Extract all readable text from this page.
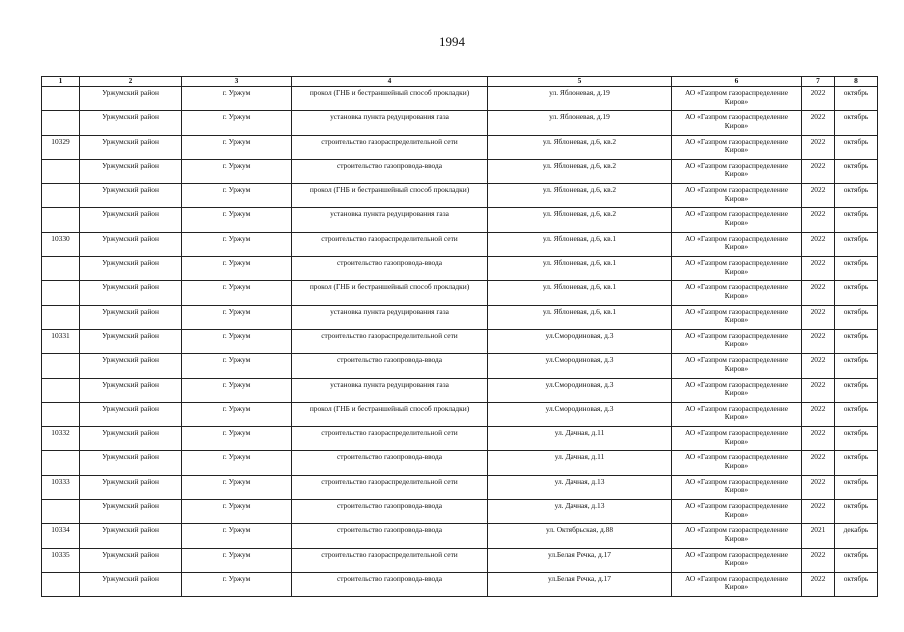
1994
1	2	3	4	5	6	7	8
	Уржумский район	г. Уржум	прокол (ГНБ и бестраншейный способ прокладки)	ул. Яблоневая, д.19	АО «Газпром газораспределение Киров»	2022	октябрь
	Уржумский район	г. Уржум	установка пункта редуцирования газа	ул. Яблоневая, д.19	АО «Газпром газораспределение Киров»	2022	октябрь
10329	Уржумский район	г. Уржум	строительство газораспределительной сети	ул. Яблоневая, д.6, кв.2	АО «Газпром газораспределение Киров»	2022	октябрь
	Уржумский район	г. Уржум	строительство газопровода-ввода	ул. Яблоневая, д.6, кв.2	АО «Газпром газораспределение Киров»	2022	октябрь
	Уржумский район	г. Уржум	прокол (ГНБ и бестраншейный способ прокладки)	ул. Яблоневая, д.6, кв.2	АО «Газпром газораспределение Киров»	2022	октябрь
	Уржумский район	г. Уржум	установка пункта редуцирования газа	ул. Яблоневая, д.6, кв.2	АО «Газпром газораспределение Киров»	2022	октябрь
10330	Уржумский район	г. Уржум	строительство газораспределительной сети	ул. Яблоневая, д.6, кв.1	АО «Газпром газораспределение Киров»	2022	октябрь
	Уржумский район	г. Уржум	строительство газопровода-ввода	ул. Яблоневая, д.6, кв.1	АО «Газпром газораспределение Киров»	2022	октябрь
	Уржумский район	г. Уржум	прокол (ГНБ и бестраншейный способ прокладки)	ул. Яблоневая, д.6, кв.1	АО «Газпром газораспределение Киров»	2022	октябрь
	Уржумский район	г. Уржум	установка пункта редуцирования газа	ул. Яблоневая, д.6, кв.1	АО «Газпром газораспределение Киров»	2022	октябрь
10331	Уржумский район	г. Уржум	строительство газораспределительной сети	ул.Смородиновая, д.3	АО «Газпром газораспределение Киров»	2022	октябрь
	Уржумский район	г. Уржум	строительство газопровода-ввода	ул.Смородиновая, д.3	АО «Газпром газораспределение Киров»	2022	октябрь
	Уржумский район	г. Уржум	установка пункта редуцирования газа	ул.Смородиновая, д.3	АО «Газпром газораспределение Киров»	2022	октябрь
	Уржумский район	г. Уржум	прокол (ГНБ и бестраншейный способ прокладки)	ул.Смородиновая, д.3	АО «Газпром газораспределение Киров»	2022	октябрь
10332	Уржумский район	г. Уржум	строительство газораспределительной сети	ул. Дачная, д.11	АО «Газпром газораспределение Киров»	2022	октябрь
	Уржумский район	г. Уржум	строительство газопровода-ввода	ул. Дачная, д.11	АО «Газпром газораспределение Киров»	2022	октябрь
10333	Уржумский район	г. Уржум	строительство газораспределительной сети	ул. Дачная, д.13	АО «Газпром газораспределение Киров»	2022	октябрь
	Уржумский район	г. Уржум	строительство газопровода-ввода	ул. Дачная, д.13	АО «Газпром газораспределение Киров»	2022	октябрь
10334	Уржумский район	г. Уржум	строительство газопровода-ввода	ул. Октябрьская, д.88	АО «Газпром газораспределение Киров»	2021	декабрь
10335	Уржумский район	г. Уржум	строительство газораспределительной сети	ул.Белая Речка, д.17	АО «Газпром газораспределение Киров»	2022	октябрь
	Уржумский район	г. Уржум	строительство газопровода-ввода	ул.Белая Речка, д.17	АО «Газпром газораспределение Киров»	2022	октябрь
